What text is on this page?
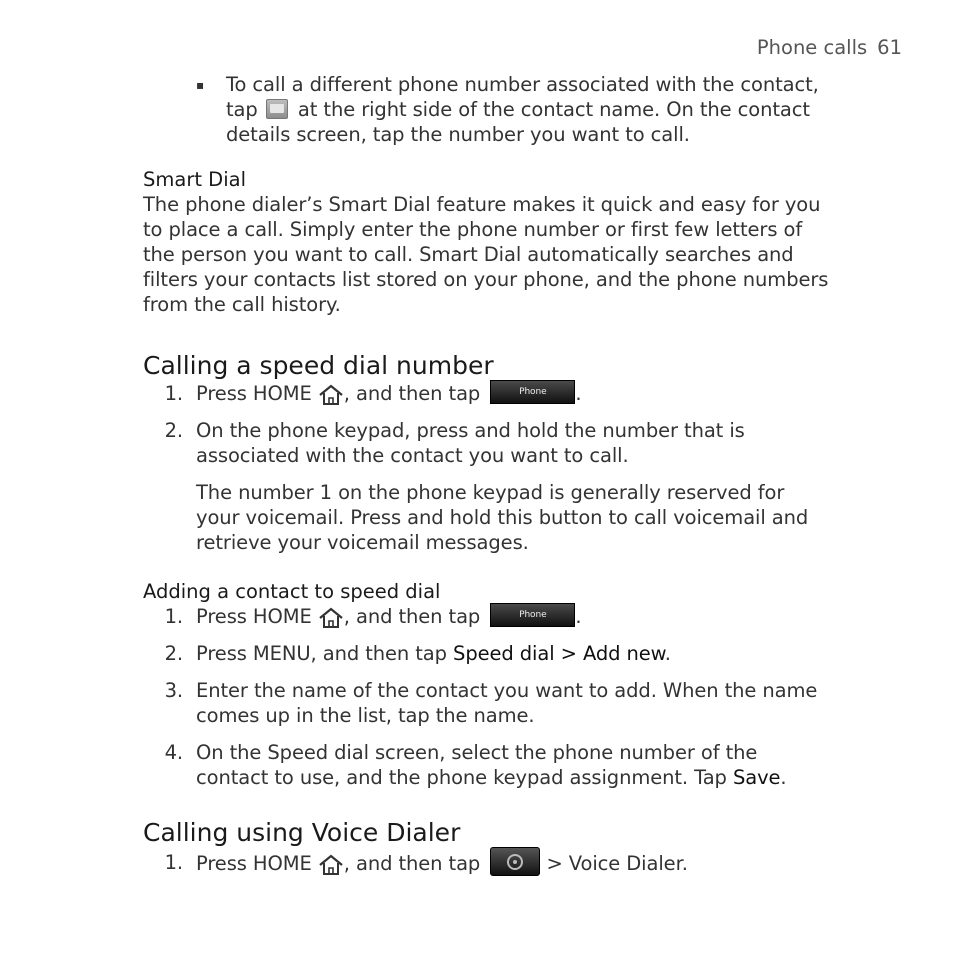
Phone calls 61
▪ To call a different phone number associated with the contact,
tap at the right side of the contact name. On the contact
details screen, tap the number you want to call.
Smart Dial
The phone dialer’s Smart Dial feature makes it quick and easy for you
to place a call. Simply enter the phone number or first few letters of
the person you want to call. Smart Dial automatically searches and
filters your contacts list stored on your phone, and the phone numbers
from the call history.
Calling a speed dial number
1. Press HOME , and then tap	Phone .
2. On the phone keypad, press and hold the number that is
associated with the contact you want to call.
The number 1 on the phone keypad is generally reserved for
your voicemail. Press and hold this button to call voicemail and
retrieve your voicemail messages.
Adding a contact to speed dial
1. Press HOME , and then tap	Phone .
2. Press MENU, and then tap Speed dial > Add new.
3. Enter the name of the contact you want to add. When the name
comes up in the list, tap the name.
4. On the Speed dial screen, select the phone number of the
contact to use, and the phone keypad assignment. Tap Save.
Calling using Voice Dialer
1. Press HOME , and then tap	> Voice Dialer.
